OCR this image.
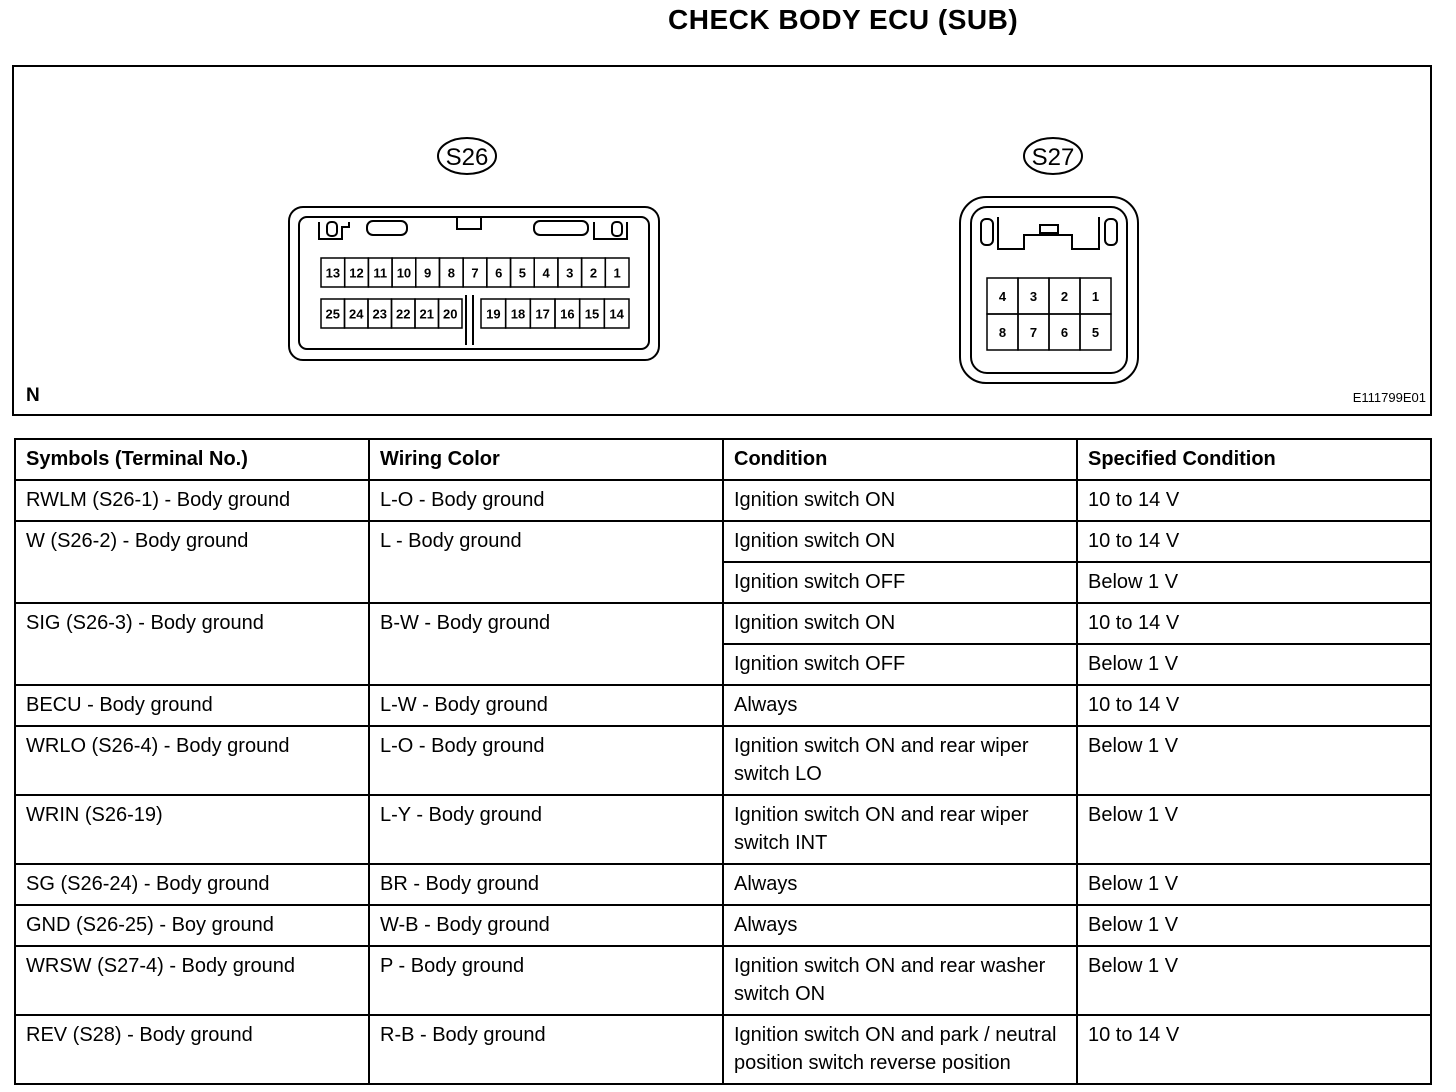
CHECK BODY ECU (SUB)
13 12 11 10 9 8 7 6 5 4 3 2 1
25 24 23 22 21 20 19 18 17 16 15 14
4 3 2 1
8 7 6 5
S26	S27
N	E111799E01
Symbols (Terminal No.)	Wiring Color	Condition	Specified Condition
RWLM (S26-1) - Body ground	L-O - Body ground	Ignition switch ON	10 to 14 V
W (S26-2) - Body ground	L - Body ground	Ignition switch ON	10 to 14 V
		Ignition switch OFF	Below 1 V
SIG (S26-3) - Body ground	B-W - Body ground	Ignition switch ON	10 to 14 V
		Ignition switch OFF	Below 1 V
BECU - Body ground	L-W - Body ground	Always	10 to 14 V
WRLO (S26-4) - Body ground	L-O - Body ground	Ignition switch ON and rear wiper switch LO	Below 1 V
WRIN (S26-19)	L-Y - Body ground	Ignition switch ON and rear wiper switch INT	Below 1 V
SG (S26-24) - Body ground	BR - Body ground	Always	Below 1 V
GND (S26-25) - Boy ground	W-B - Body ground	Always	Below 1 V
WRSW (S27-4) - Body ground	P - Body ground	Ignition switch ON and rear washer switch ON	Below 1 V
REV (S28) - Body ground	R-B - Body ground	Ignition switch ON and park / neutral position switch reverse position	10 to 14 V
